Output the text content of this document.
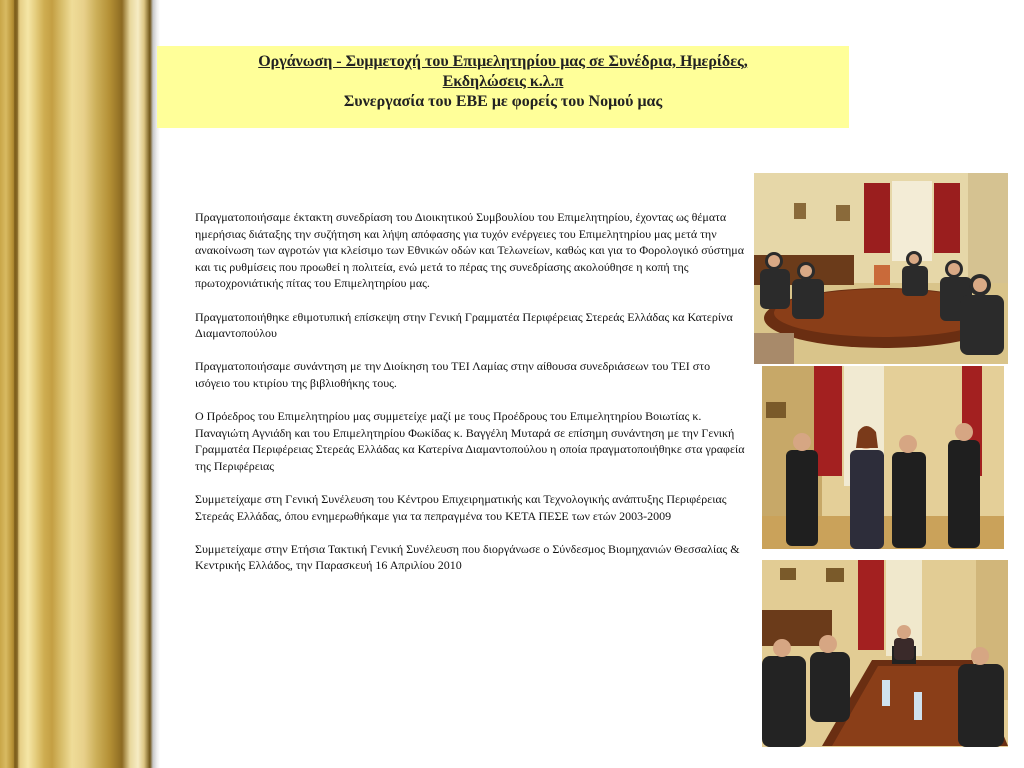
Οργάνωση - Συμμετοχή του Επιμελητηρίου μας σε Συνέδρια, Ημερίδες,
Εκδηλώσεις κ.λ.π
Συνεργασία του ΕΒΕ με φορείς του Νομού μας

Πραγματοποιήσαμε έκτακτη συνεδρίαση του Διοικητικού Συμβουλίου του Επιμελητηρίου, έχοντας ως θέματα ημερήσιας διάταξης την συζήτηση και λήψη απόφασης για τυχόν ενέργειες του Επιμελητηρίου μας μετά την ανακοίνωση των αγροτών για κλείσιμο των Εθνικών οδών και Τελωνείων, καθώς και για το Φορολογικό σύστημα και τις ρυθμίσεις που προωθεί η πολιτεία, ενώ μετά το πέρας της συνεδρίασης ακολούθησε η κοπή της πρωτοχρονιάτικής πίτας του Επιμελητηρίου μας.

Πραγματοποιήθηκε εθιμοτυπική επίσκεψη στην Γενική Γραμματέα Περιφέρειας Στερεάς Ελλάδας κα Κατερίνα Διαμαντοπούλου

Πραγματοποιήσαμε συνάντηση με την Διοίκηση του ΤΕΙ Λαμίας στην αίθουσα συνεδριάσεων του ΤΕΙ στο ισόγειο του κτιρίου της βιβλιοθήκης τους.

Ο Πρόεδρος του Επιμελητηρίου μας συμμετείχε μαζί με τους Προέδρους του Επιμελητηρίου Βοιωτίας κ. Παναγιώτη Αγνιάδη και του Επιμελητηρίου Φωκίδας κ. Βαγγέλη Μυταρά σε επίσημη συνάντηση με την Γενική Γραμματέα Περιφέρειας Στερεάς Ελλάδας κα Κατερίνα Διαμαντοπούλου η οποία πραγματοποιήθηκε στα γραφεία της Περιφέρειας

Συμμετείχαμε στη Γενική Συνέλευση του Κέντρου Επιχειρηματικής και Τεχνολογικής ανάπτυξης Περιφέρειας Στερεάς Ελλάδας, όπου ενημερωθήκαμε για τα πεπραγμένα του ΚΕΤΑ ΠΕΣΕ των ετών 2003-2009

Συμμετείχαμε στην Ετήσια Τακτική Γενική Συνέλευση που διοργάνωσε ο Σύνδεσμος Βιομηχανιών Θεσσαλίας & Κεντρικής Ελλάδος, την Παρασκευή 16 Απριλίου 2010
